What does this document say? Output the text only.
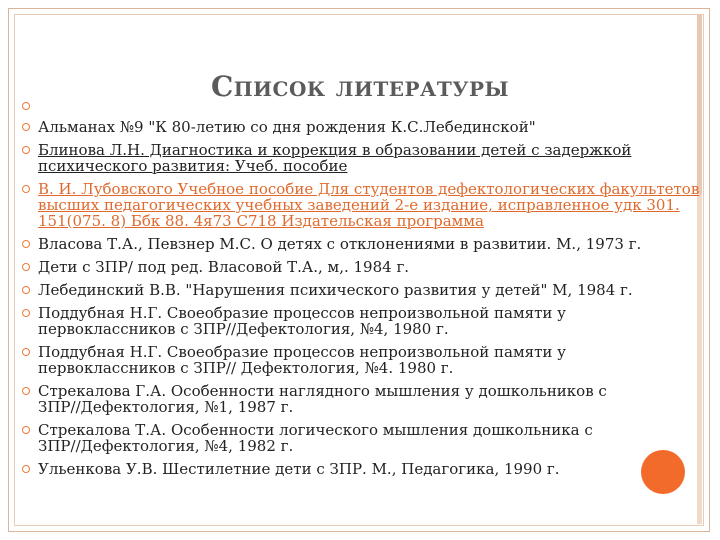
Список литературы
Альманах №9 "К 80-летию со дня рождения К.С.Лебединской"
Блинова Л.Н. Диагностика и коррекция в образовании детей с задержкой
психического развития: Учеб. пособие
В. И. Лубовского Учебное пособие Для студентов дефектологических факультетов
высших педагогических учебных заведений 2-е издание, исправленное удк 301.
151(075. 8) Ббк 88. 4я73 С718 Издательская программа
Власова Т.А., Певзнер М.С. О детях с отклонениями в развитии. М., 1973 г.
Дети с ЗПР/ под ред. Власовой Т.А., м,. 1984 г.
Лебединский В.В. "Нарушения психического развития у детей" М, 1984 г.
Поддубная Н.Г. Своеобразие процессов непроизвольной памяти у
первоклассников с ЗПР//Дефектология, №4, 1980 г.
Поддубная Н.Г. Своеобразие процессов непроизвольной памяти у
первоклассников с ЗПР// Дефектология, №4. 1980 г.
Стрекалова Г.А. Особенности наглядного мышления у дошкольников с
ЗПР//Дефектология, №1, 1987 г.
Стрекалова Т.А. Особенности логического мышления дошкольника с
ЗПР//Дефектология, №4, 1982 г.
Ульенкова У.В. Шестилетние дети с ЗПР. М., Педагогика, 1990 г.
